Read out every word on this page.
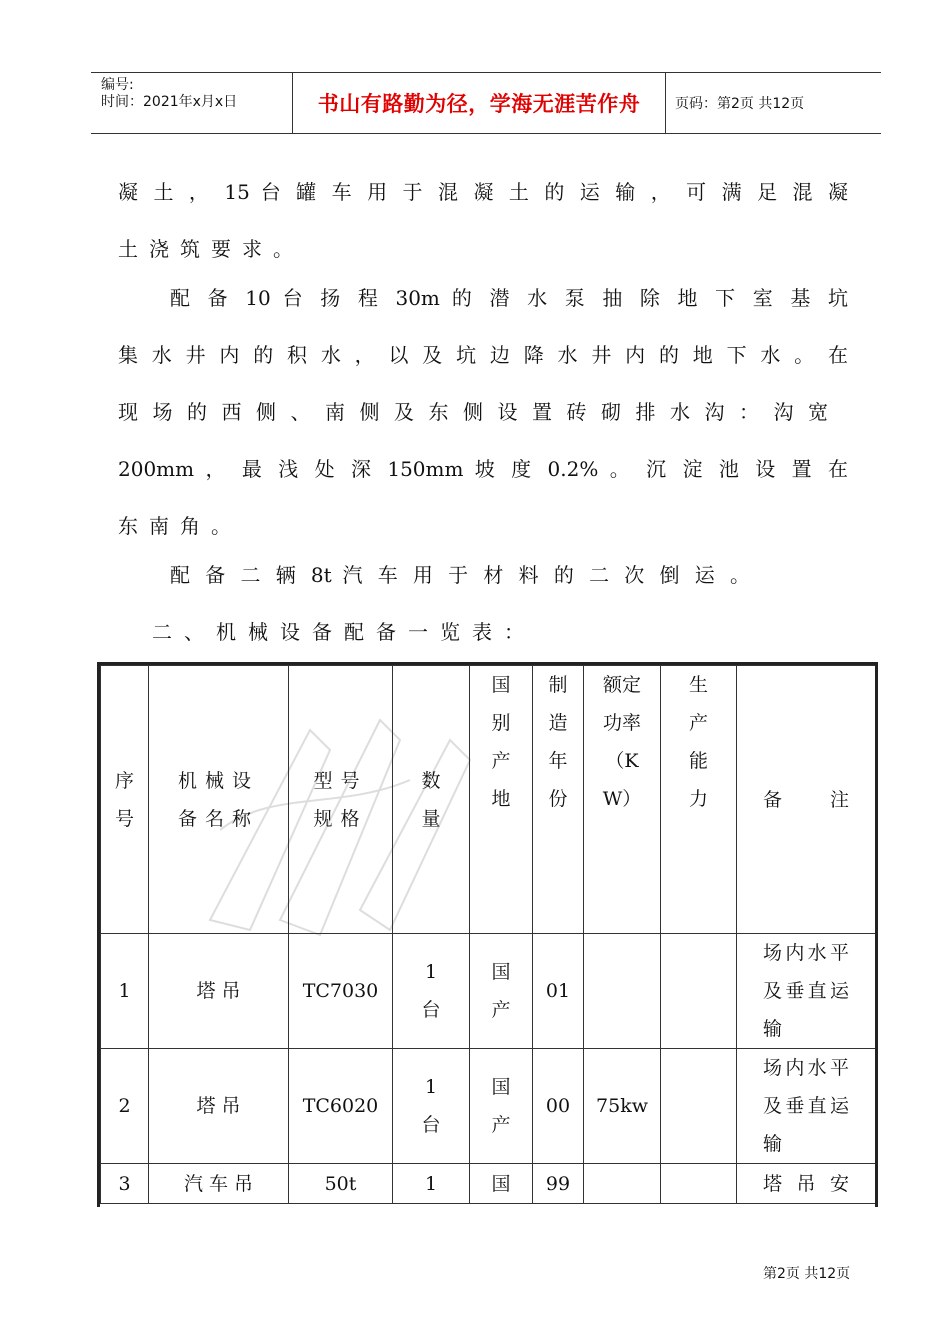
编号:
时间：2021年x月x日	书山有路勤为径，学海无涯苦作舟	页码：第2页 共12页
凝 土 ， 15 台 罐 车 用 于 混 凝 土 的 运 输 ， 可 满 足 混 凝
土浇筑要求。
配 备 10 台 扬 程 30m 的 潜 水 泵 抽 除 地 下 室 基 坑
集 水 井 内 的 积 水 ， 以 及 坑 边 降 水 井 内 的 地 下 水 。 在
现 场 的 西 侧 、 南 侧 及 东 侧 设 置 砖 砌 排 水 沟 ： 沟 宽
200mm ， 最 浅 处 深 150mm 坡 度 0.2% 。 沉 淀 池 设 置 在
东南角。
配 备 二 辆 8t 汽 车 用 于 材 料 的 二 次 倒 运 。
二、机械设备配备一览表：
序号	机械设备名称	型号规格	数量	国别产地	制造年份	额定功率（KW）	生产能力	备　　注
1	塔 吊	TC7030	1台	国产	01			场内水平及垂直运输
2	塔 吊	TC6020	1台	国产	00	75kw		场内水平及垂直运输
3	汽 车 吊	50t	1	国	99			塔吊安
第2页 共12页
